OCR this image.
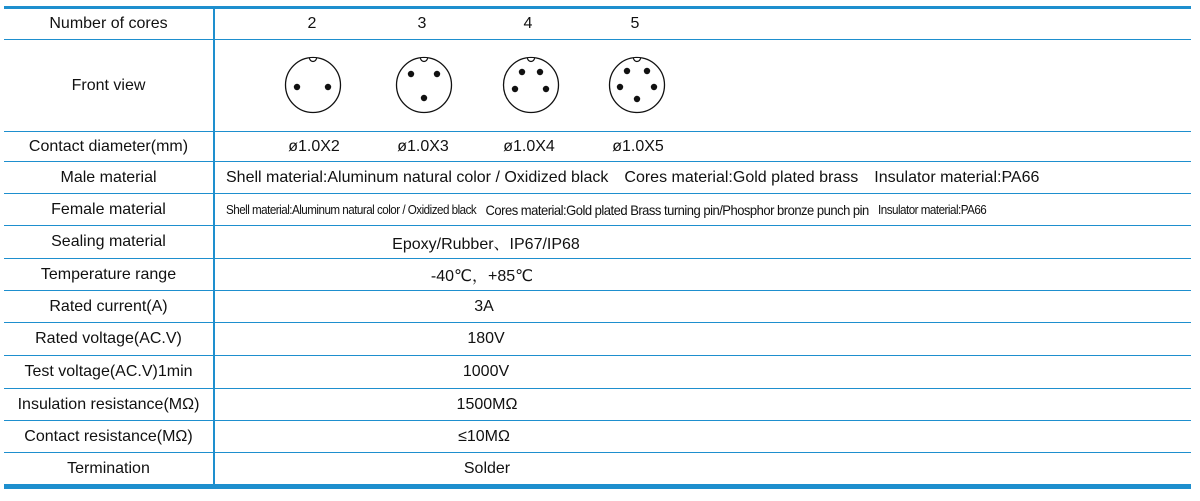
Number of cores	2	3	4	5
Front view
Contact diameter(mm)	ø1.0X2	ø1.0X3	ø1.0X4	ø1.0X5
Male material	Shell material:Aluminum natural color / Oxidized black Cores material:Gold plated brass Insulator material:PA66
Female material	Shell material:Aluminum natural color / Oxidized black Cores material:Gold plated Brass turning pin/Phosphor bronze punch pin Insulator material:PA66
Sealing material	Epoxy/Rubber、IP67/IP68
Temperature range	-40℃，+85℃
Rated current(A)	3A
Rated voltage(AC.V)	180V
Test voltage(AC.V)1min	1000V
Insulation resistance(MΩ)	1500MΩ
Contact resistance(MΩ)	≤10MΩ
Termination	Solder
